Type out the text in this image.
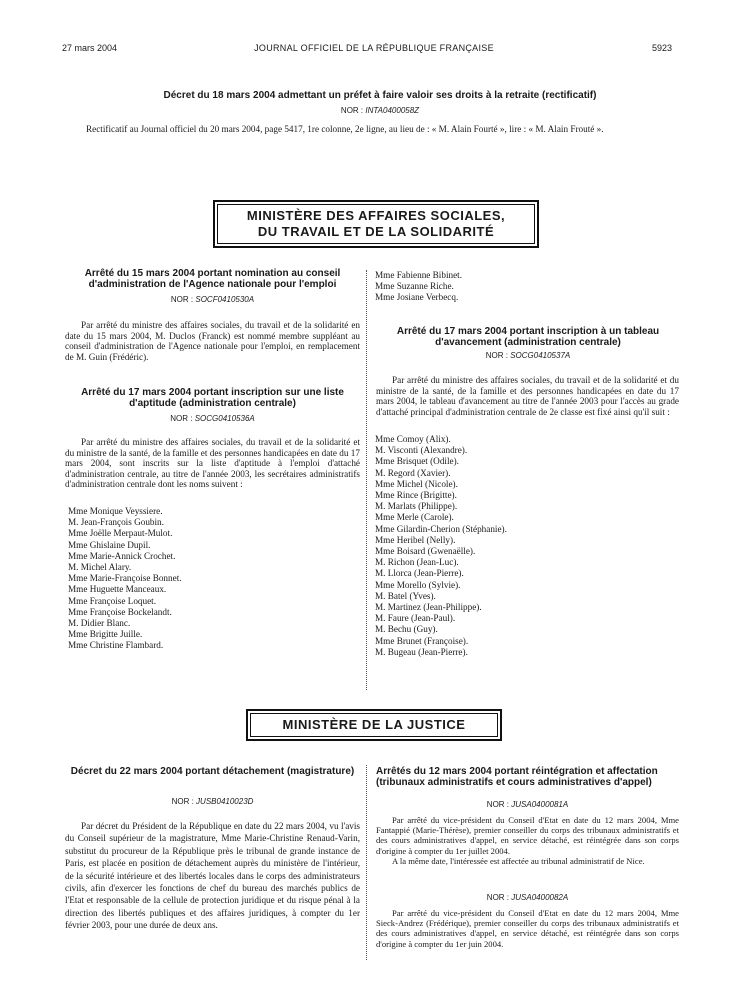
27 mars 2004	JOURNAL OFFICIEL DE LA RÉPUBLIQUE FRANÇAISE	5923
Décret du 18 mars 2004 admettant un préfet à faire valoir ses droits à la retraite (rectificatif)
NOR : INTA0400058Z

Rectificatif au Journal officiel du 20 mars 2004, page 5417, 1re colonne, 2e ligne, au lieu de : « M. Alain Fourté », lire : « M. Alain Frouté ».

MINISTÈRE DES AFFAIRES SOCIALES,
DU TRAVAIL ET DE LA SOLIDARITÉ
Arrêté du 15 mars 2004 portant nomination au conseil d'administration de l'Agence nationale pour l'emploi
NOR : SOCF0410530A

Par arrêté du ministre des affaires sociales, du travail et de la solidarité en date du 15 mars 2004, M. Duclos (Franck) est nommé membre suppléant au conseil d'administration de l'Agence nationale pour l'emploi, en remplacement de M. Guin (Frédéric).

Arrêté du 17 mars 2004 portant inscription sur une liste d'aptitude (administration centrale)
NOR : SOCG0410536A

Par arrêté du ministre des affaires sociales, du travail et de la solidarité et du ministre de la santé, de la famille et des personnes handicapées en date du 17 mars 2004, sont inscrits sur la liste d'aptitude à l'emploi d'attaché d'administration centrale, au titre de l'année 2003, les secrétaires administratifs d'administration centrale dont les noms suivent :

Mme Monique Veyssiere.
M. Jean-François Goubin.
Mme Joëlle Merpaut-Mulot.
Mme Ghislaine Dupil.
Mme Marie-Annick Crochet.
M. Michel Alary.
Mme Marie-Françoise Bonnet.
Mme Huguette Manceaux.
Mme Françoise Loquet.
Mme Françoise Bockelandt.
M. Didier Blanc.
Mme Brigitte Juille.
Mme Christine Flambard.
Mme Fabienne Bibinet.
Mme Suzanne Riche.
Mme Josiane Verbecq.
Arrêté du 17 mars 2004 portant inscription à un tableau d'avancement (administration centrale)
NOR : SOCG0410537A

Par arrêté du ministre des affaires sociales, du travail et de la solidarité et du ministre de la santé, de la famille et des personnes handicapées en date du 17 mars 2004, le tableau d'avancement au titre de l'année 2003 pour l'accès au grade d'attaché principal d'administration centrale de 2e classe est fixé ainsi qu'il suit :

Mme Comoy (Alix).
M. Visconti (Alexandre).
Mme Brisquet (Odile).
M. Regord (Xavier).
Mme Michel (Nicole).
Mme Rince (Brigitte).
M. Marlats (Philippe).
Mme Merle (Carole).
Mme Gilardin-Cherion (Stéphanie).
Mme Heribel (Nelly).
Mme Boisard (Gwenaëlle).
M. Richon (Jean-Luc).
M. Llorca (Jean-Pierre).
Mme Morello (Sylvie).
M. Batel (Yves).
M. Martinez (Jean-Philippe).
M. Faure (Jean-Paul).
M. Bechu (Guy).
Mme Brunet (Françoise).
M. Bugeau (Jean-Pierre).
MINISTÈRE DE LA JUSTICE
Décret du 22 mars 2004 portant détachement (magistrature)
NOR : JUSB0410023D

Par décret du Président de la République en date du 22 mars 2004, vu l'avis du Conseil supérieur de la magistrature, Mme Marie-Christine Renaud-Varin, substitut du procureur de la République près le tribunal de grande instance de Paris, est placée en position de détachement auprès du ministère de l'intérieur, de la sécurité intérieure et des libertés locales dans le corps des administrateurs civils, afin d'exercer les fonctions de chef du bureau des marchés publics de l'Etat et responsable de la cellule de protection juridique et du risque pénal à la direction des libertés publiques et des affaires juridiques, à compter du 1er février 2003, pour une durée de deux ans.

Arrêtés du 12 mars 2004 portant réintégration et affectation (tribunaux administratifs et cours administratives d'appel)
NOR : JUSA0400081A

Par arrêté du vice-président du Conseil d'Etat en date du 12 mars 2004, Mme Fantappié (Marie-Thérèse), premier conseiller du corps des tribunaux administratifs et des cours administratives d'appel, en service détaché, est réintégrée dans son corps d'origine à compter du 1er juillet 2004.

A la même date, l'intéressée est affectée au tribunal administratif de Nice.

NOR : JUSA0400082A

Par arrêté du vice-président du Conseil d'Etat en date du 12 mars 2004, Mme Sieck-Andrez (Frédérique), premier conseiller du corps des tribunaux administratifs et des cours administratives d'appel, en service détaché, est réintégrée dans son corps d'origine à compter du 1er juin 2004.
